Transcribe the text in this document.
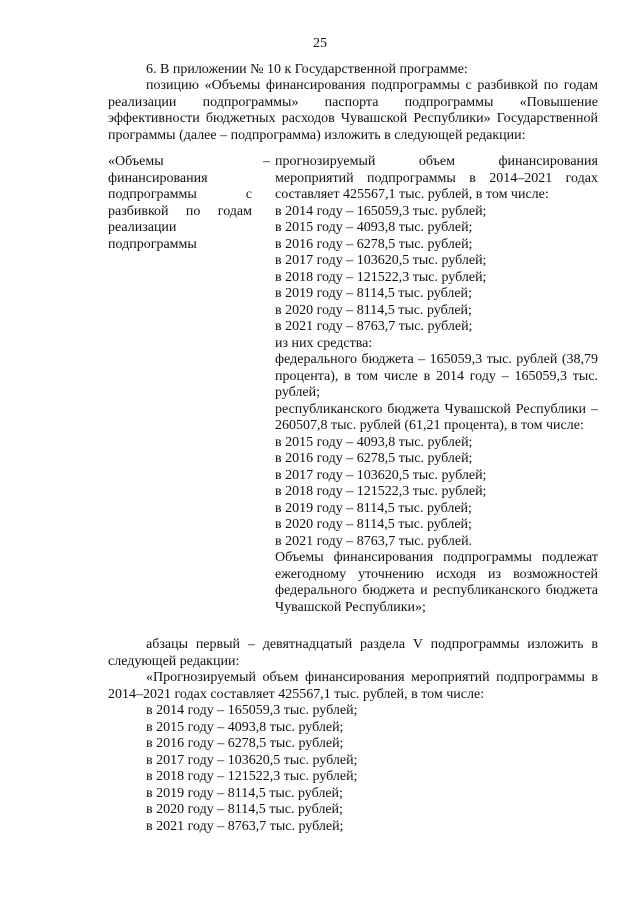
25
6. В приложении № 10 к Государственной программе:
позицию «Объемы финансирования подпрограммы с разбивкой по годам реализации подпрограммы» паспорта подпрограммы «Повышение эффективности бюджетных расходов Чувашской Республики» Государственной программы (далее – подпрограмма) изложить в следующей редакции:
«Объемы финансирования подпрограммы с разбивкой по годам реализации подпрограммы
– прогнозируемый объем финансирования мероприятий подпрограммы в 2014–2021 годах составляет 425567,1 тыс. рублей, в том числе:
в 2014 году – 165059,3 тыс. рублей;
в 2015 году – 4093,8 тыс. рублей;
в 2016 году – 6278,5 тыс. рублей;
в 2017 году – 103620,5 тыс. рублей;
в 2018 году – 121522,3 тыс. рублей;
в 2019 году – 8114,5 тыс. рублей;
в 2020 году – 8114,5 тыс. рублей;
в 2021 году – 8763,7 тыс. рублей;
из них средства:
федерального бюджета – 165059,3 тыс. рублей (38,79 процента), в том числе в 2014 году – 165059,3 тыс. рублей;
республиканского бюджета Чувашской Республики – 260507,8 тыс. рублей (61,21 процента), в том числе:
в 2015 году – 4093,8 тыс. рублей;
в 2016 году – 6278,5 тыс. рублей;
в 2017 году – 103620,5 тыс. рублей;
в 2018 году – 121522,3 тыс. рублей;
в 2019 году – 8114,5 тыс. рублей;
в 2020 году – 8114,5 тыс. рублей;
в 2021 году – 8763,7 тыс. рублей.
Объемы финансирования подпрограммы подлежат ежегодному уточнению исходя из возможностей федерального бюджета и республиканского бюджета Чувашской Республики»;
абзацы первый – девятнадцатый раздела V подпрограммы изложить в следующей редакции:
«Прогнозируемый объем финансирования мероприятий подпрограммы в 2014–2021 годах составляет 425567,1 тыс. рублей, в том числе:
в 2014 году – 165059,3 тыс. рублей;
в 2015 году – 4093,8 тыс. рублей;
в 2016 году – 6278,5 тыс. рублей;
в 2017 году – 103620,5 тыс. рублей;
в 2018 году – 121522,3 тыс. рублей;
в 2019 году – 8114,5 тыс. рублей;
в 2020 году – 8114,5 тыс. рублей;
в 2021 году – 8763,7 тыс. рублей;
